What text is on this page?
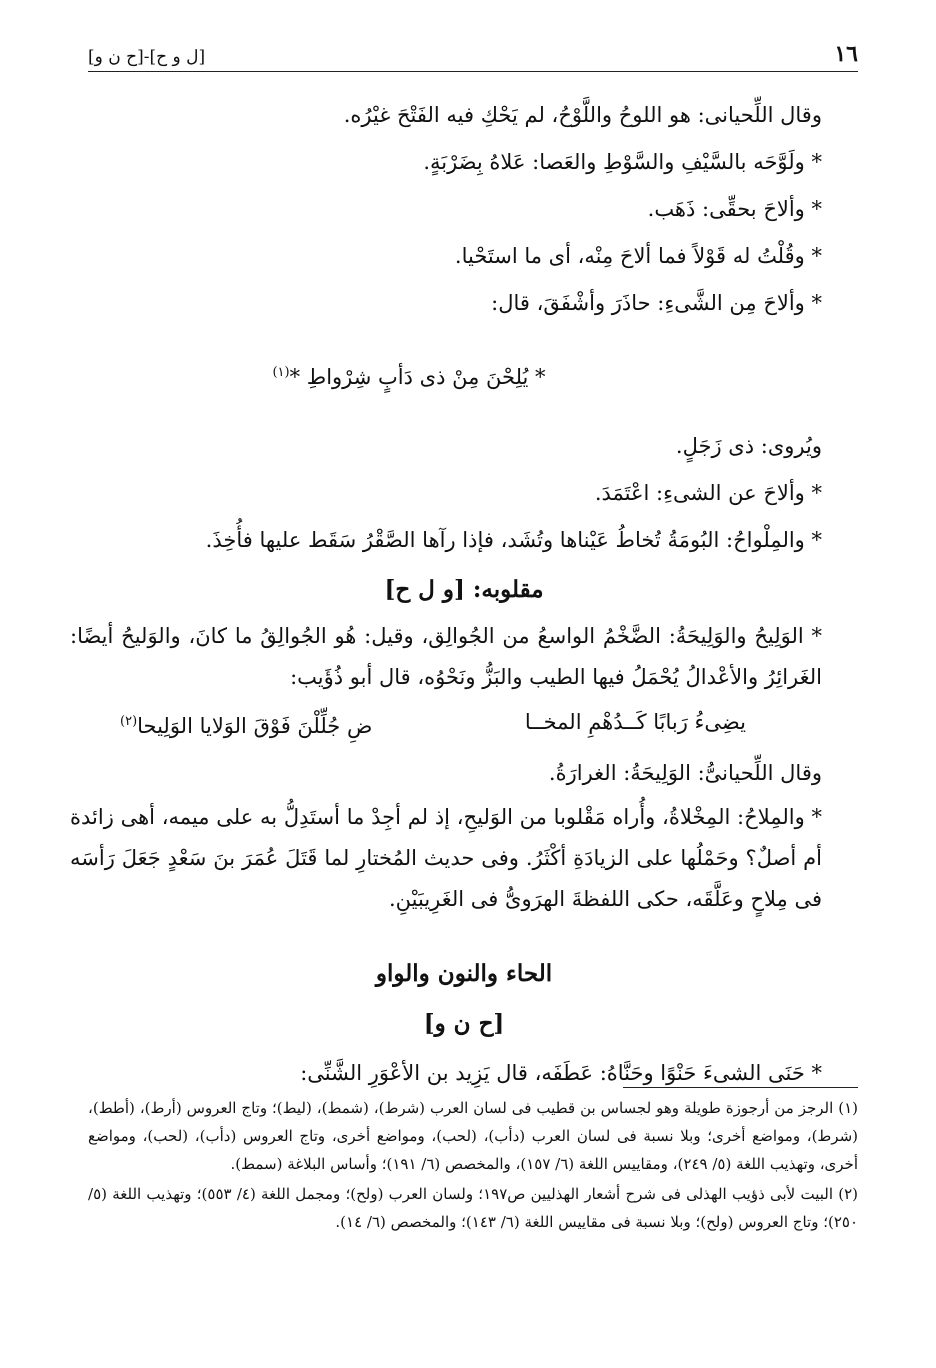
١٦
[ل و ح]-[ح ن و]

وقال اللِّحيانى: هو اللوحُ واللَّوْحُ، لم يَحْكِ فيه الفَتْحَ غيْرُه.

* ولَوَّحَه بالسَّيْفِ والسَّوْطِ والعَصا: عَلاهُ بِضَرْبَةٍ.

* وألاحَ بحقِّى: ذَهَب.

* وقُلْتُ له قَوْلاً فما ألاحَ مِنْه، أى ما استَحْيا.

* وألاحَ مِن الشَّىءِ: حاذَرَ وأشْفَقَ، قال:

* يُلِحْنَ مِنْ ذى دَأبٍ شِرْواطِ *$^{(١)}$

ويُروى: ذى زَجَلٍ.

* وألاحَ عن الشىءِ: اعْتَمَدَ.

* والمِلْواحُ: البُومَةُ تُخاطُ عَيْناها وتُشَد، فإذا رآها الصَّقْرُ سَقَط عليها فأُخِذَ.

مقلوبه: [و ل ح]

* الوَلِيحُ والوَلِيحَةُ: الضَّخْمُ الواسعُ من الجُوالِق، وقيل: هُو الجُوالِقُ ما كانَ، والوَليحُ أيضًا: الغَرائِرُ والأعْدالُ يُحْمَلُ فيها الطيب والبَزُّ ونَحْوُه، قال أبو ذُؤَيب:

يضِىءُ رَبابًا كَــدُهْمِ المخــا
ضِ جُلِّلْنَ فَوْقَ الوَلايا الوَلِيحا$^{(٢)}$

وقال اللِّحيانىُّ: الوَلِيحَةُ: الغرارَةُ.

* والمِلاحُ: المِخْلاةُ، وأُراه مَقْلوبا من الوَليحِ، إذ لم أجِدْ ما أستَدِلُّ به على ميمه، أهى زائدة أم أصلٌ؟ وحَمْلُها على الزيادَةِ أكْثَرُ. وفى حديث المُختارِ لما قَتَلَ عُمَرَ بنَ سَعْدٍ جَعَلَ رَأسَه فى مِلاحٍ وعَلَّقَه، حكى اللفظةَ الهرَوىُّ فى الغَرِيبَيْنِ.

الحاء والنون والواو
[ح ن و]

* حَنَى الشىءَ حَنْوًا وحَنَّاهُ: عَطَفَه، قال يَزِيد بن الأعْوَرِ الشَّنِّى:

(١) الرجز من أرجوزة طويلة وهو لجساس بن قطيب فى لسان العرب (شرط)، (شمط)، (ليط)؛ وتاج العروس (أرط)، (أطط)، (شرط)، ومواضع أخرى؛ وبلا نسبة فى لسان العرب (دأب)، (لحب)، ومواضع أخرى، وتاج العروس (دأب)، (لحب)، ومواضع أخرى، وتهذيب اللغة (٥/ ٢٤٩)، ومقاييس اللغة (٦/ ١٥٧)، والمخصص (٦/ ١٩١)؛ وأساس البلاغة (سمط).

(٢) البيت لأبى ذؤيب الهذلى فى شرح أشعار الهذليين ص١٩٧؛ ولسان العرب (ولح)؛ ومجمل اللغة (٤/ ٥٥٣)؛ وتهذيب اللغة (٥/ ٢٥٠)؛ وتاج العروس (ولح)؛ وبلا نسبة فى مقاييس اللغة (٦/ ١٤٣)؛ والمخصص (٦/ ١٤).
